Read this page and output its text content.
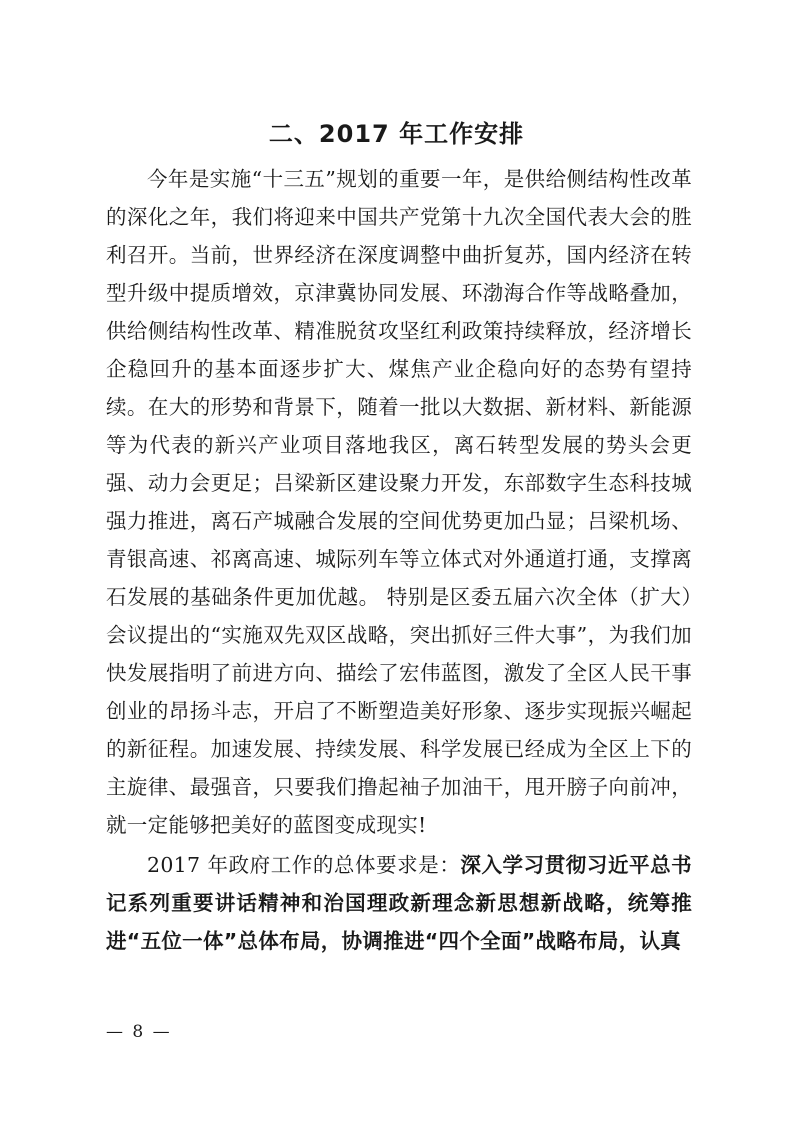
二、2017 年工作安排

今年是实施“十三五”规划的重要一年，是供给侧结构性改革的深化之年，我们将迎来中国共产党第十九次全国代表大会的胜利召开。当前，世界经济在深度调整中曲折复苏，国内经济在转型升级中提质增效，京津冀协同发展、环渤海合作等战略叠加，供给侧结构性改革、精准脱贫攻坚红利政策持续释放，经济增长企稳回升的基本面逐步扩大、煤焦产业企稳向好的态势有望持续。在大的形势和背景下，随着一批以大数据、新材料、新能源等为代表的新兴产业项目落地我区，离石转型发展的势头会更强、动力会更足；吕梁新区建设聚力开发，东部数字生态科技城强力推进，离石产城融合发展的空间优势更加凸显；吕梁机场、青银高速、祁离高速、城际列车等立体式对外通道打通，支撑离石发展的基础条件更加优越。 特别是区委五届六次全体（扩大）会议提出的“实施双先双区战略，突出抓好三件大事”，为我们加快发展指明了前进方向、描绘了宏伟蓝图，激发了全区人民干事创业的昂扬斗志，开启了不断塑造美好形象、逐步实现振兴崛起的新征程。加速发展、持续发展、科学发展已经成为全区上下的主旋律、最强音，只要我们撸起袖子加油干，甩开膀子向前冲，就一定能够把美好的蓝图变成现实!

2017 年政府工作的总体要求是：深入学习贯彻习近平总书记系列重要讲话精神和治国理政新理念新思想新战略，统筹推进“五位一体”总体布局，协调推进“四个全面”战略布局，认真

— 8 —
